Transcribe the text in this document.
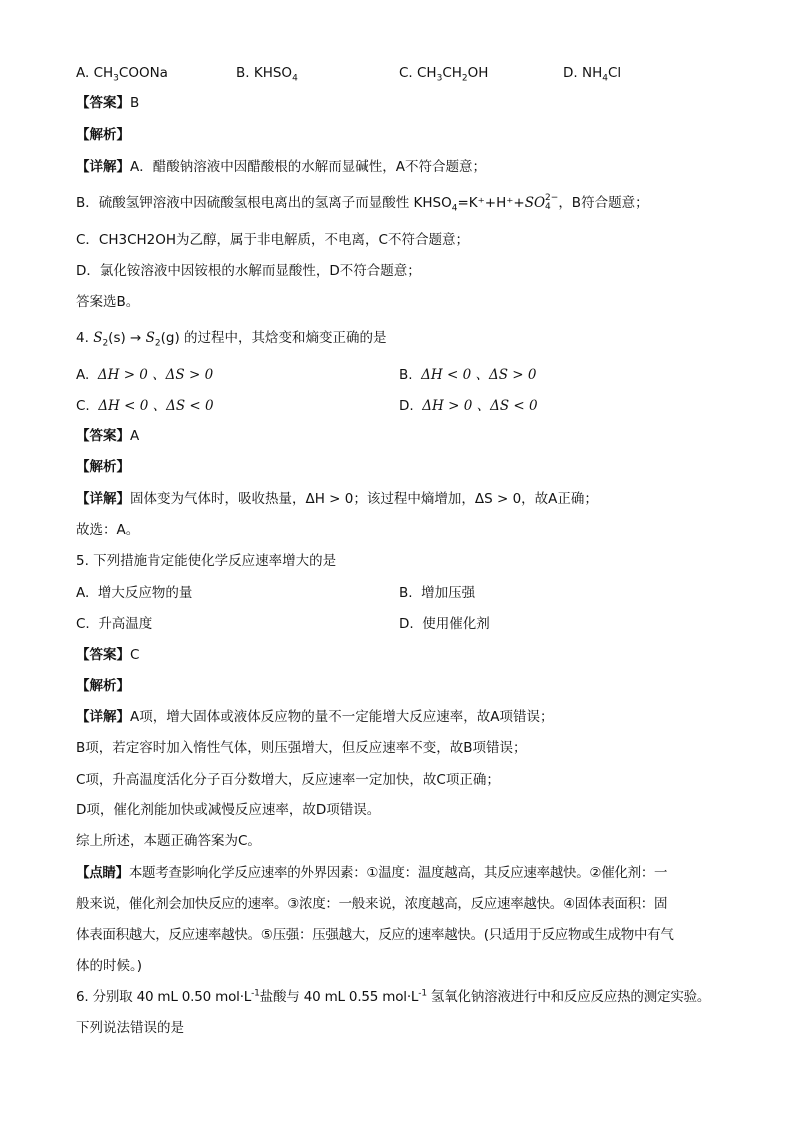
A. $CH_3COONa$	B. $KHSO_4$	C. $CH_3CH_2OH$	D. $NH_4Cl$
【答案】B
【解析】
【详解】A．醋酸钠溶液中因醋酸根的水解而显碱性，A不符合题意；
B．硫酸氢钾溶液中因硫酸氢根电离出的氢离子而显酸性 $KHSO_4=K^++H^++SO$ 2−
4 ，B符合题意；
C．CH3CH2OH为乙醇，属于非电解质，不电离，C不符合题意；
D．氯化铵溶液中因铵根的水解而显酸性，D不符合题意；
答案选B。
4. $S_2(s) \to S_2(g)$ 的过程中，其焓变和熵变正确的是
A. ΔH > 0 、ΔS > 0	B. ΔH < 0 、ΔS > 0
C. ΔH < 0 、ΔS < 0	D. ΔH > 0 、ΔS < 0
【答案】A
【解析】
【详解】固体变为气体时，吸收热量，ΔH > 0；该过程中熵增加，ΔS > 0，故A正确；
故选：A。
5. 下列措施肯定能使化学反应速率增大的是
A. 增大反应物的量	B. 增加压强
C. 升高温度	D. 使用催化剂
【答案】C
【解析】
【详解】A项，增大固体或液体反应物的量不一定能增大反应速率，故A项错误；
B项，若定容时加入惰性气体，则压强增大，但反应速率不变，故B项错误；
C项，升高温度活化分子百分数增大，反应速率一定加快，故C项正确；
D项，催化剂能加快或减慢反应速率，故D项错误。
综上所述，本题正确答案为C。
【点睛】本题考查影响化学反应速率的外界因素：①温度：温度越高，其反应速率越快。②催化剂：一
般来说，催化剂会加快反应的速率。③浓度：一般来说，浓度越高，反应速率越快。④固体表面积：固
体表面积越大，反应速率越快。⑤压强：压强越大，反应的速率越快。(只适用于反应物或生成物中有气
体的时候。)
6. 分别取 40 mL 0.50 $mol\cdot L^{-1}$盐酸与 40 mL 0.55 $mol\cdot L^{-1}$ 氢氧化钠溶液进行中和反应反应热的测定实验。
下列说法错误的是
